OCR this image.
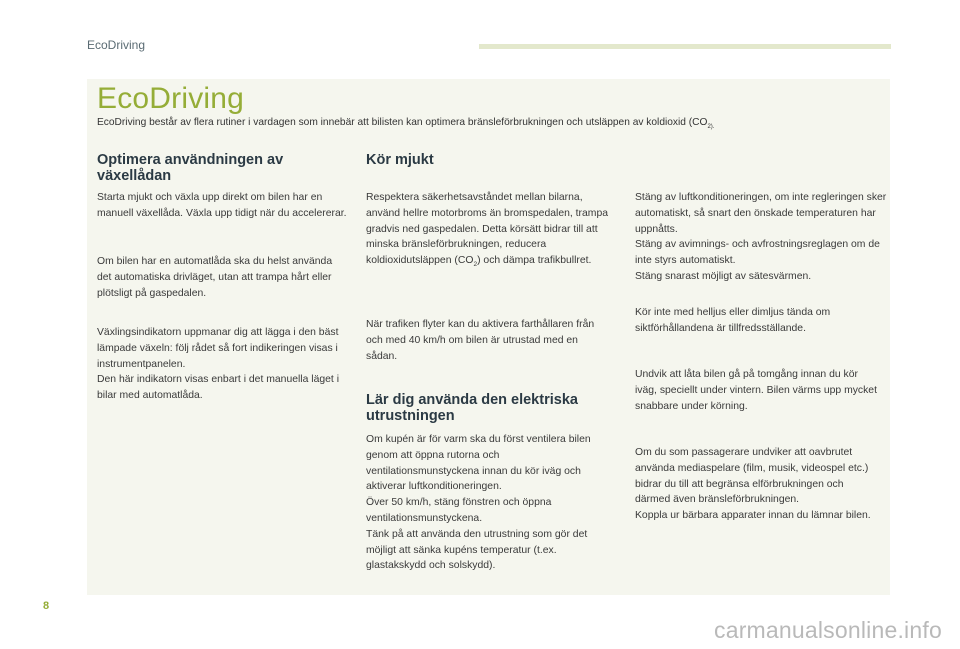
EcoDriving
EcoDriving
EcoDriving består av flera rutiner i vardagen som innebär att bilisten kan optimera bränsleförbrukningen och utsläppen av koldioxid ($CO_{2).}$
Optimera användningen av växellådan
Starta mjukt och växla upp direkt om bilen har en manuell växellåda. Växla upp tidigt när du accelererar.
Om bilen har en automatlåda ska du helst använda det automatiska drivläget, utan att trampa hårt eller plötsligt på gaspedalen.
Växlingsindikatorn uppmanar dig att lägga i den bäst lämpade växeln: följ rådet så fort indikeringen visas i instrumentpanelen.
Den här indikatorn visas enbart i det manuella läget i bilar med automatlåda.
Kör mjukt
Respektera säkerhetsavståndet mellan bilarna, använd hellre motorbroms än bromspedalen, trampa gradvis ned gaspedalen. Detta körsätt bidrar till att minska bränsleförbrukningen, reducera koldioxidutsläppen $(CO_2)$ och dämpa trafikbullret.
När trafiken flyter kan du aktivera farthållaren från och med 40 km/h om bilen är utrustad med en sådan.
Lär dig använda den elektriska utrustningen
Om kupén är för varm ska du först ventilera bilen genom att öppna rutorna och ventilationsmunstyckena innan du kör iväg och aktiverar luftkonditioneringen.
Över 50 km/h, stäng fönstren och öppna ventilationsmunstyckena.
Tänk på att använda den utrustning som gör det möjligt att sänka kupéns temperatur (t.ex. glastakskydd och solskydd).
Stäng av luftkonditioneringen, om inte regleringen sker automatiskt, så snart den önskade temperaturen har uppnåtts.
Stäng av avimnings- och avfrostningsreglagen om de inte styrs automatiskt.
Stäng snarast möjligt av sätesvärmen.
Kör inte med helljus eller dimljus tända om siktförhållandena är tillfredsställande.
Undvik att låta bilen gå på tomgång innan du kör iväg, speciellt under vintern. Bilen värms upp mycket snabbare under körning.
Om du som passagerare undviker att oavbrutet använda mediaspelare (film, musik, videospel etc.) bidrar du till att begränsa elförbrukningen och därmed även bränsleförbrukningen.
Koppla ur bärbara apparater innan du lämnar bilen.
8
carmanualsonline.info
